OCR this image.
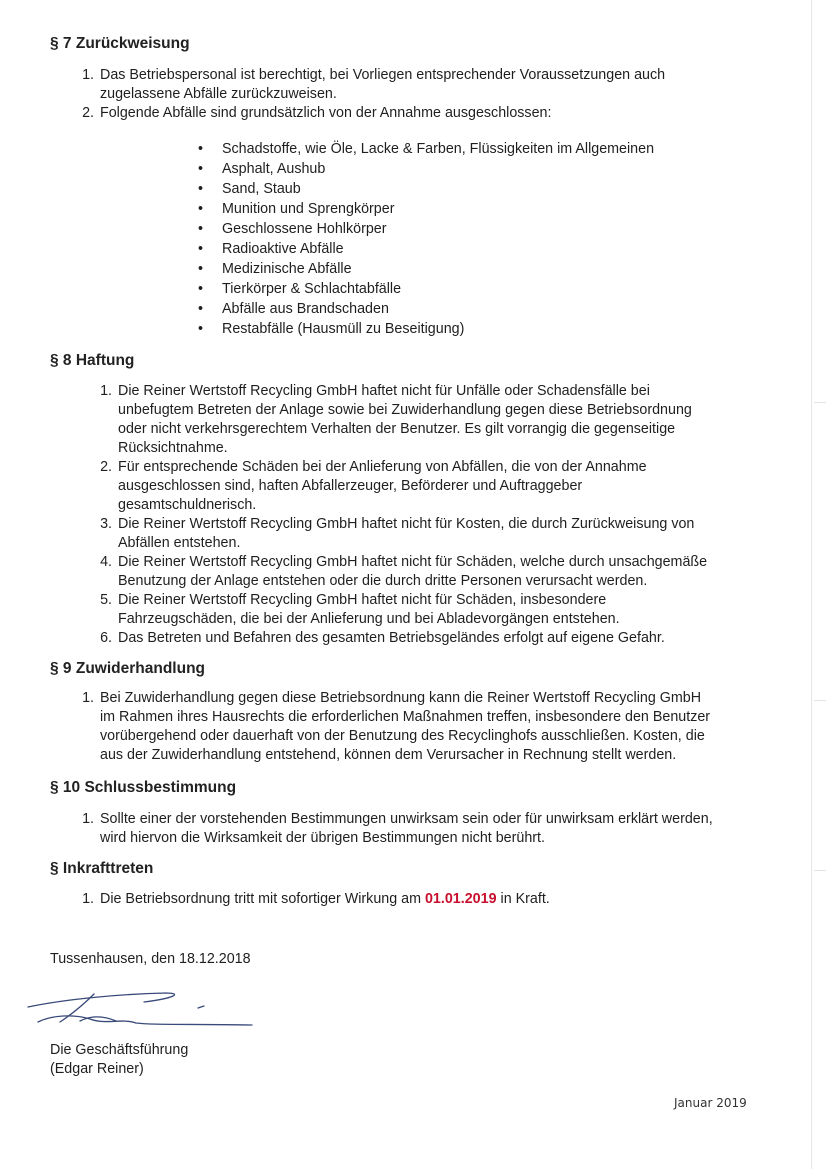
§ 7 Zurückweisung
1. Das Betriebspersonal ist berechtigt, bei Vorliegen entsprechender Voraussetzungen auch
zugelassene Abfälle zurückzuweisen.
2. Folgende Abfälle sind grundsätzlich von der Annahme ausgeschlossen:
• Schadstoffe, wie Öle, Lacke & Farben, Flüssigkeiten im Allgemeinen
• Asphalt, Aushub
• Sand, Staub
• Munition und Sprengkörper
• Geschlossene Hohlkörper
• Radioaktive Abfälle
• Medizinische Abfälle
• Tierkörper & Schlachtabfälle
• Abfälle aus Brandschaden
• Restabfälle (Hausmüll zu Beseitigung)
§ 8 Haftung
1. Die Reiner Wertstoff Recycling GmbH haftet nicht für Unfälle oder Schadensfälle bei
unbefugtem Betreten der Anlage sowie bei Zuwiderhandlung gegen diese Betriebsordnung
oder nicht verkehrsgerechtem Verhalten der Benutzer. Es gilt vorrangig die gegenseitige
Rücksichtnahme.
2. Für entsprechende Schäden bei der Anlieferung von Abfällen, die von der Annahme
ausgeschlossen sind, haften Abfallerzeuger, Beförderer und Auftraggeber
gesamtschuldnerisch.
3. Die Reiner Wertstoff Recycling GmbH haftet nicht für Kosten, die durch Zurückweisung von
Abfällen entstehen.
4. Die Reiner Wertstoff Recycling GmbH haftet nicht für Schäden, welche durch unsachgemäße
Benutzung der Anlage entstehen oder die durch dritte Personen verursacht werden.
5. Die Reiner Wertstoff Recycling GmbH haftet nicht für Schäden, insbesondere
Fahrzeugschäden, die bei der Anlieferung und bei Abladevorgängen entstehen.
6. Das Betreten und Befahren des gesamten Betriebsgeländes erfolgt auf eigene Gefahr.
§ 9 Zuwiderhandlung
1. Bei Zuwiderhandlung gegen diese Betriebsordnung kann die Reiner Wertstoff Recycling GmbH
im Rahmen ihres Hausrechts die erforderlichen Maßnahmen treffen, insbesondere den Benutzer
vorübergehend oder dauerhaft von der Benutzung des Recyclinghofs ausschließen. Kosten, die
aus der Zuwiderhandlung entstehend, können dem Verursacher in Rechnung stellt werden.
§ 10 Schlussbestimmung
1. Sollte einer der vorstehenden Bestimmungen unwirksam sein oder für unwirksam erklärt werden,
wird hiervon die Wirksamkeit der übrigen Bestimmungen nicht berührt.
§ Inkrafttreten
1. Die Betriebsordnung tritt mit sofortiger Wirkung am 01.01.2019 in Kraft.

Tussenhausen, den 18.12.2018

Die Geschäftsführung

(Edgar Reiner)

Januar 2019
